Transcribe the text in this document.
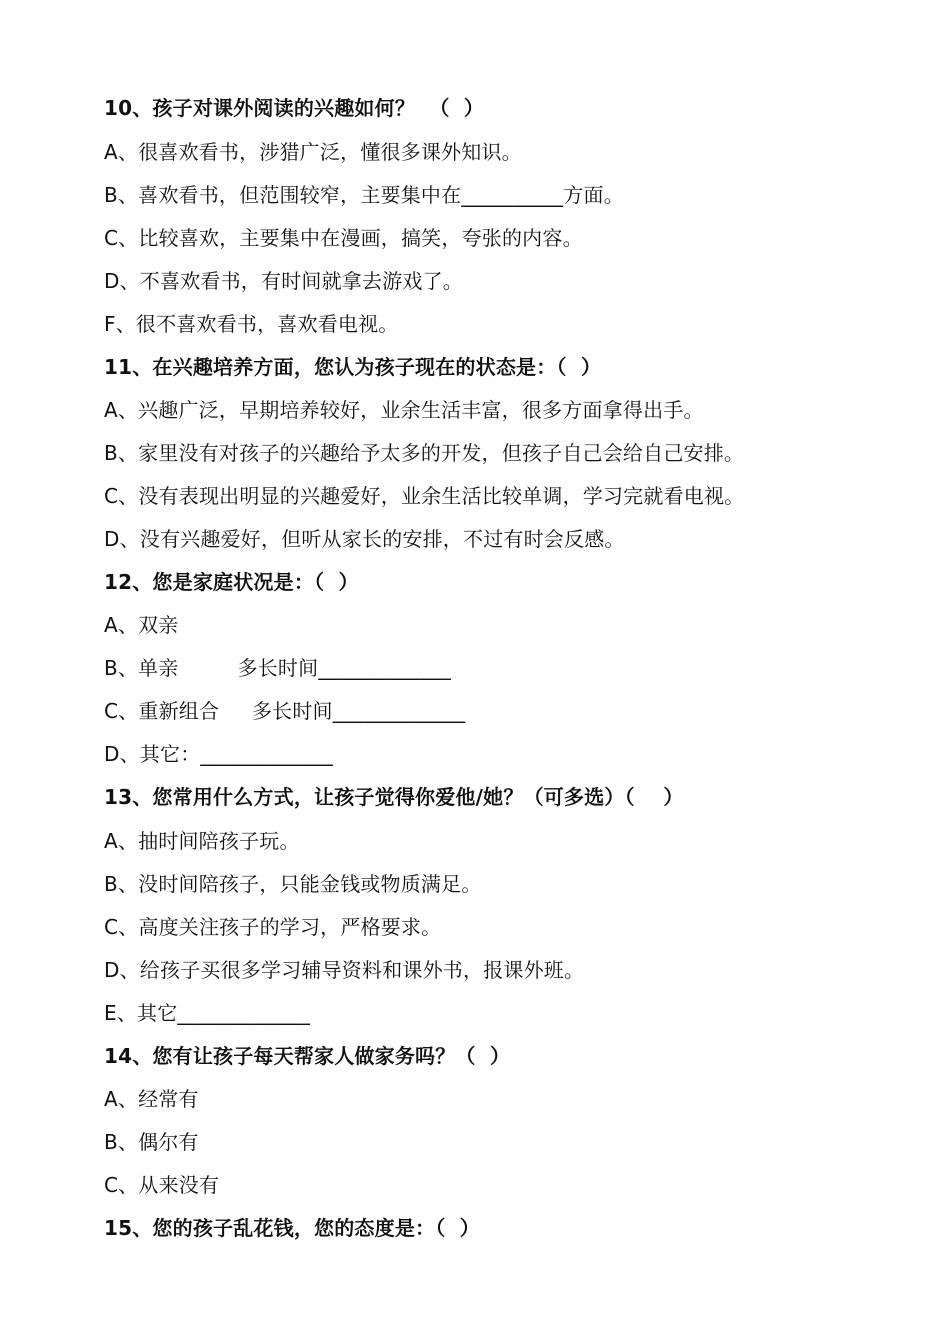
10、孩子对课外阅读的兴趣如何？  （  ）
A、很喜欢看书，涉猎广泛，懂很多课外知识。
B、喜欢看书，但范围较窄，主要集中在__________方面。
C、比较喜欢，主要集中在漫画，搞笑，夸张的内容。
D、不喜欢看书，有时间就拿去游戏了。
F、很不喜欢看书，喜欢看电视。
11、在兴趣培养方面，您认为孩子现在的状态是：（  ）
A、兴趣广泛，早期培养较好，业余生活丰富，很多方面拿得出手。
B、家里没有对孩子的兴趣给予太多的开发，但孩子自己会给自己安排。
C、没有表现出明显的兴趣爱好，业余生活比较单调，学习完就看电视。
D、没有兴趣爱好，但听从家长的安排，不过有时会反感。
12、您是家庭状况是：（  ）
A、双亲
B、单亲         多长时间_____________
C、重新组合     多长时间_____________
D、其它：_____________
13、您常用什么方式，让孩子觉得你爱他/她？（可多选）（    ）
A、抽时间陪孩子玩。
B、没时间陪孩子，只能金钱或物质满足。
C、高度关注孩子的学习，严格要求。
D、给孩子买很多学习辅导资料和课外书，报课外班。
E、其它_____________
14、您有让孩子每天帮家人做家务吗？（  ）
A、经常有
B、偶尔有
C、从来没有
15、您的孩子乱花钱，您的态度是：（  ）
